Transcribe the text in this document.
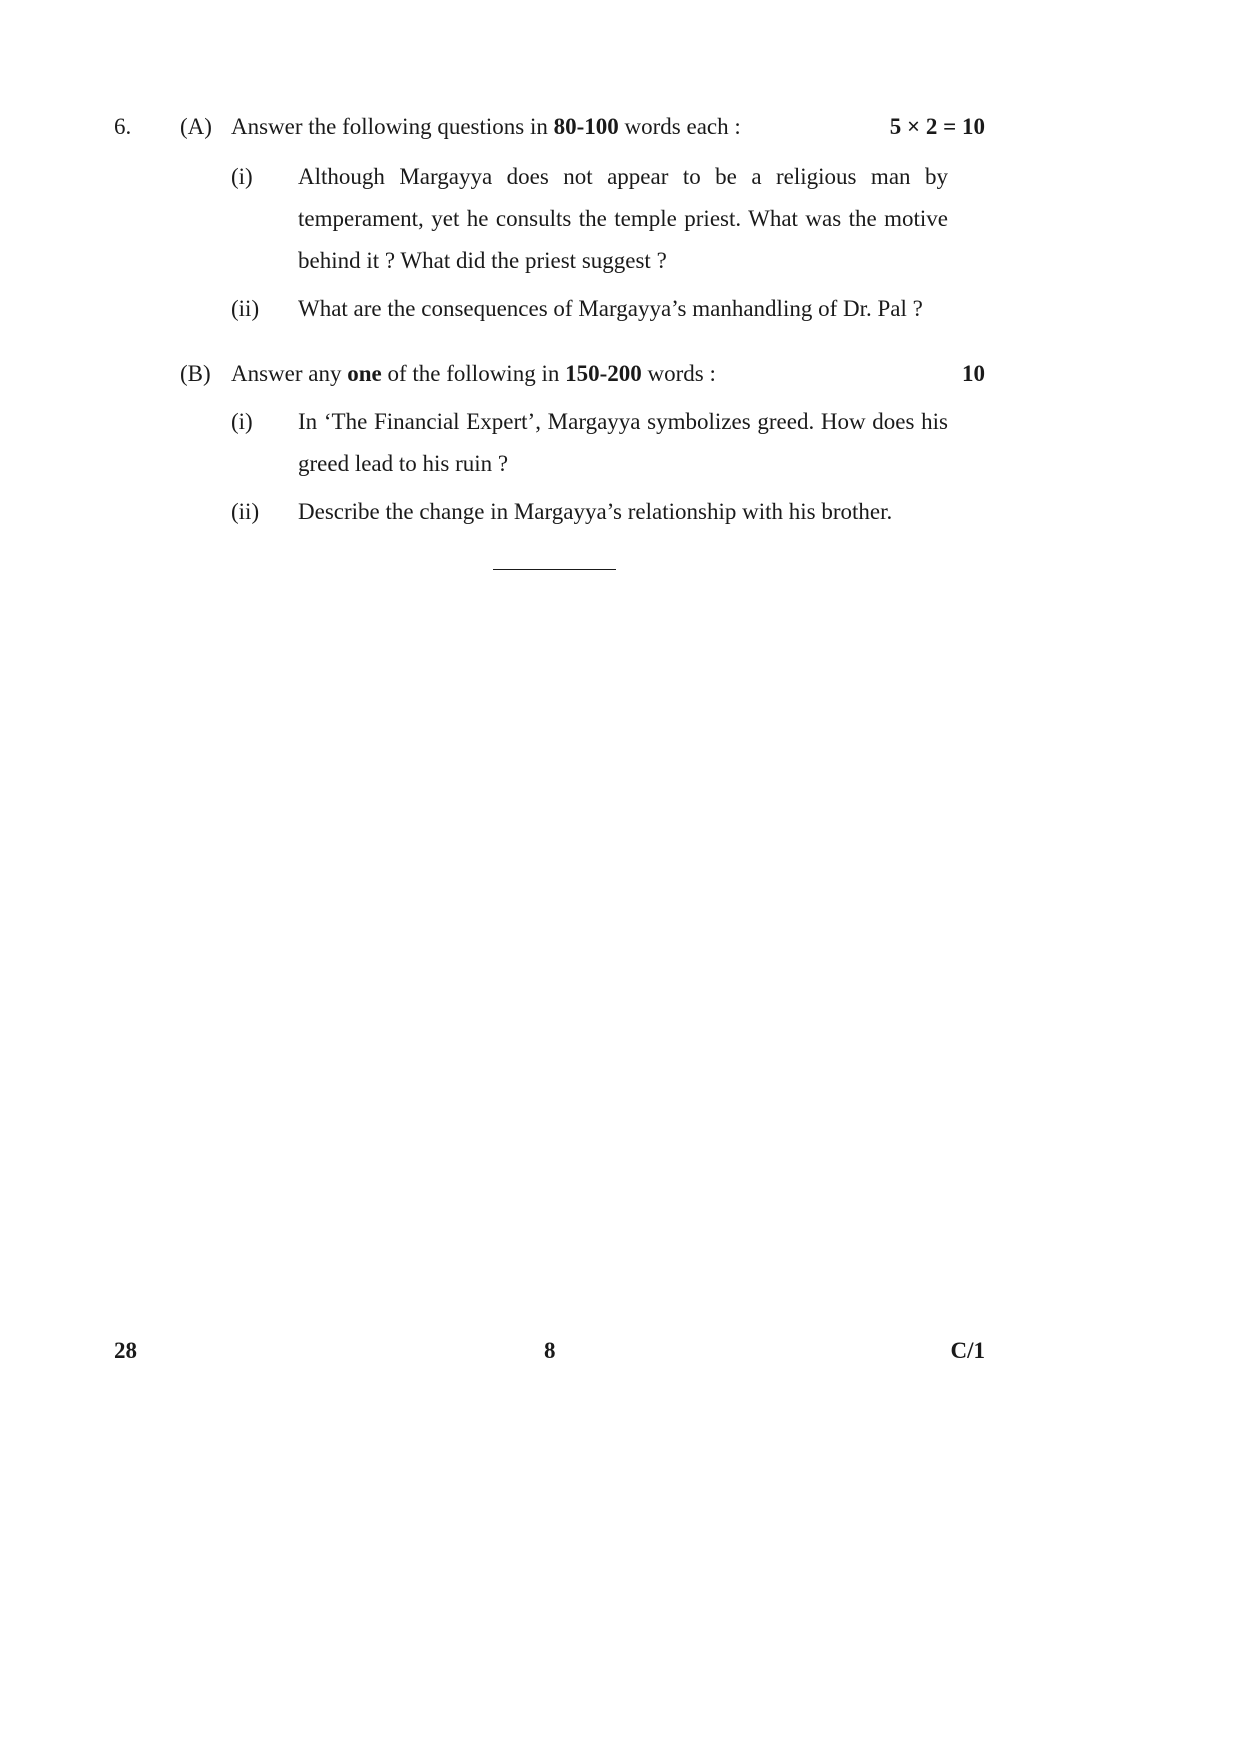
6. (A) Answer the following questions in 80-100 words each :	5 × 2 = 10
(i) Although Margayya does not appear to be a religious man by
temperament, yet he consults the temple priest. What was the motive
behind it ? What did the priest suggest ?
(ii) What are the consequences of Margayya’s manhandling of Dr. Pal ?
(B) Answer any one of the following in 150-200 words :	10
(i) In ‘The Financial Expert’, Margayya symbolizes greed. How does his
greed lead to his ruin ?
(ii) Describe the change in Margayya’s relationship with his brother.
28	8	C/1
